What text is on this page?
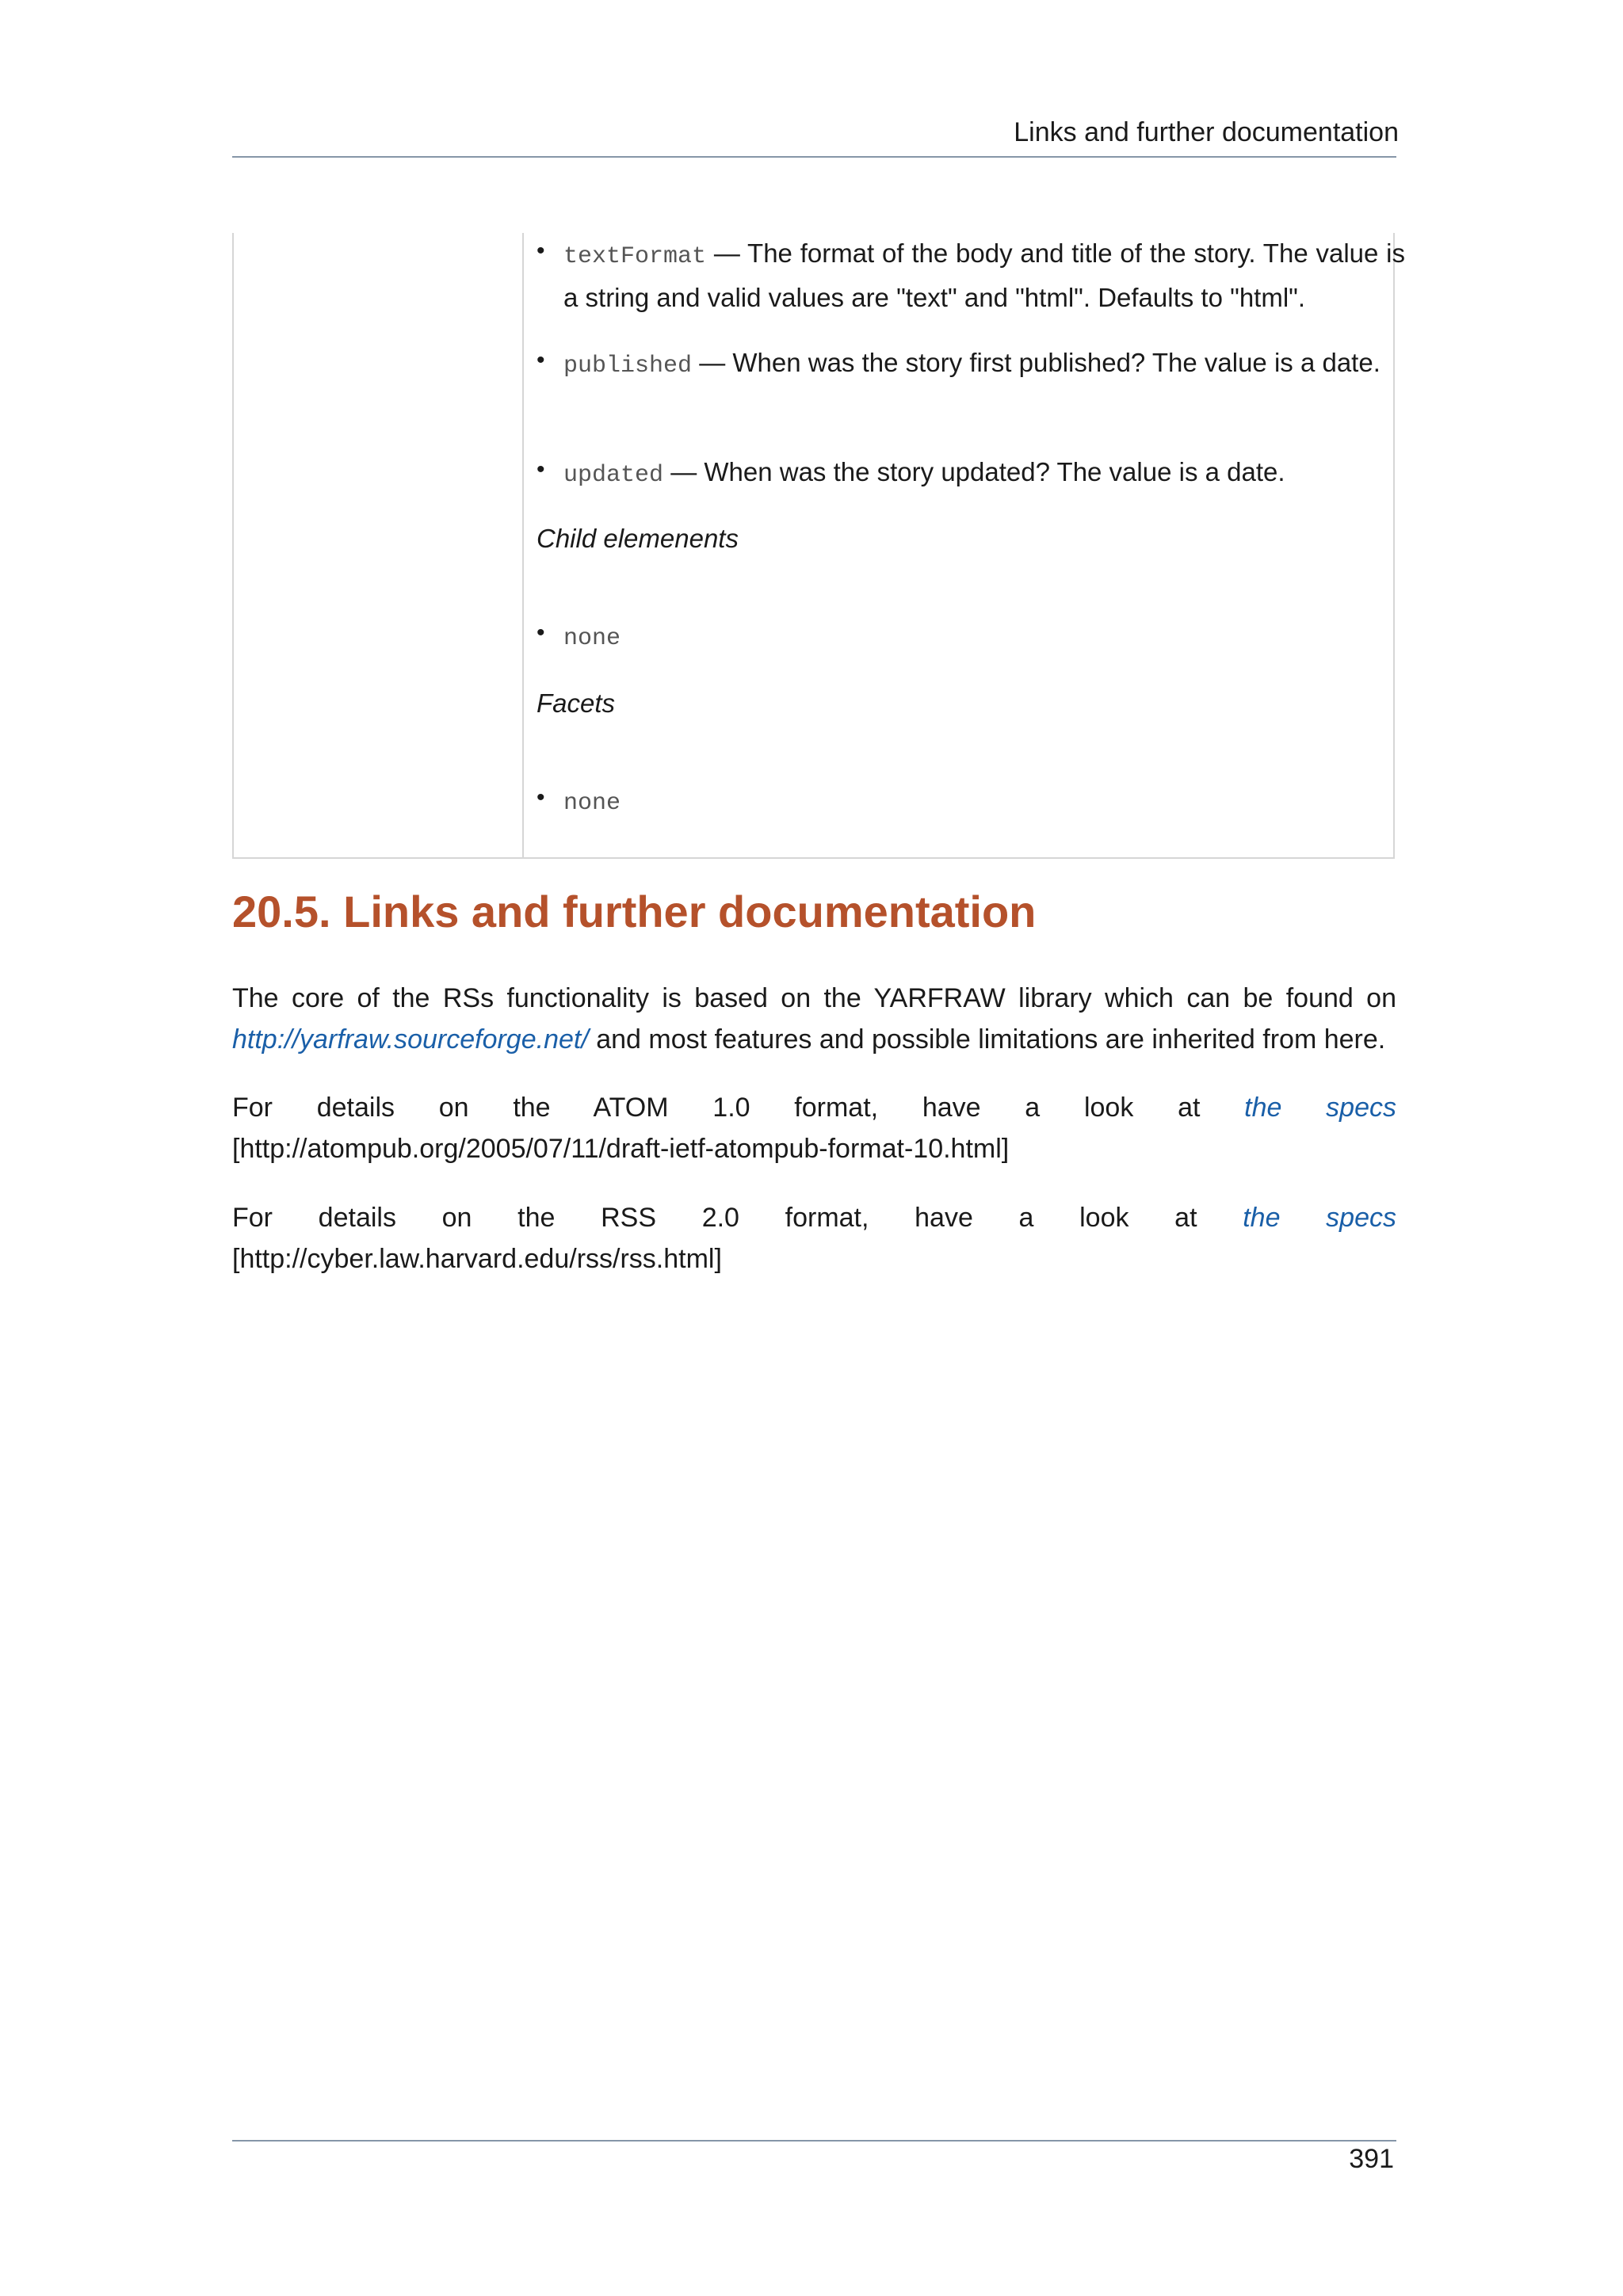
Links and further documentation
• textFormat — The format of the body and title of the story. The value is a string and valid values are "text" and "html". Defaults to "html".
• published — When was the story first published? The value is a date.
• updated — When was the story updated? The value is a date.
Child elemenents
• none
Facets
• none
20.5. Links and further documentation
The core of the RSs functionality is based on the YARFRAW library which can be found on http://yarfraw.sourceforge.net/ and most features and possible limitations are inherited from here.
For details on the ATOM 1.0 format, have a look at the specs [http://atompub.org/2005/07/11/draft-ietf-atompub-format-10.html]
For details on the RSS 2.0 format, have a look at the specs [http://cyber.law.harvard.edu/rss/rss.html]
391
